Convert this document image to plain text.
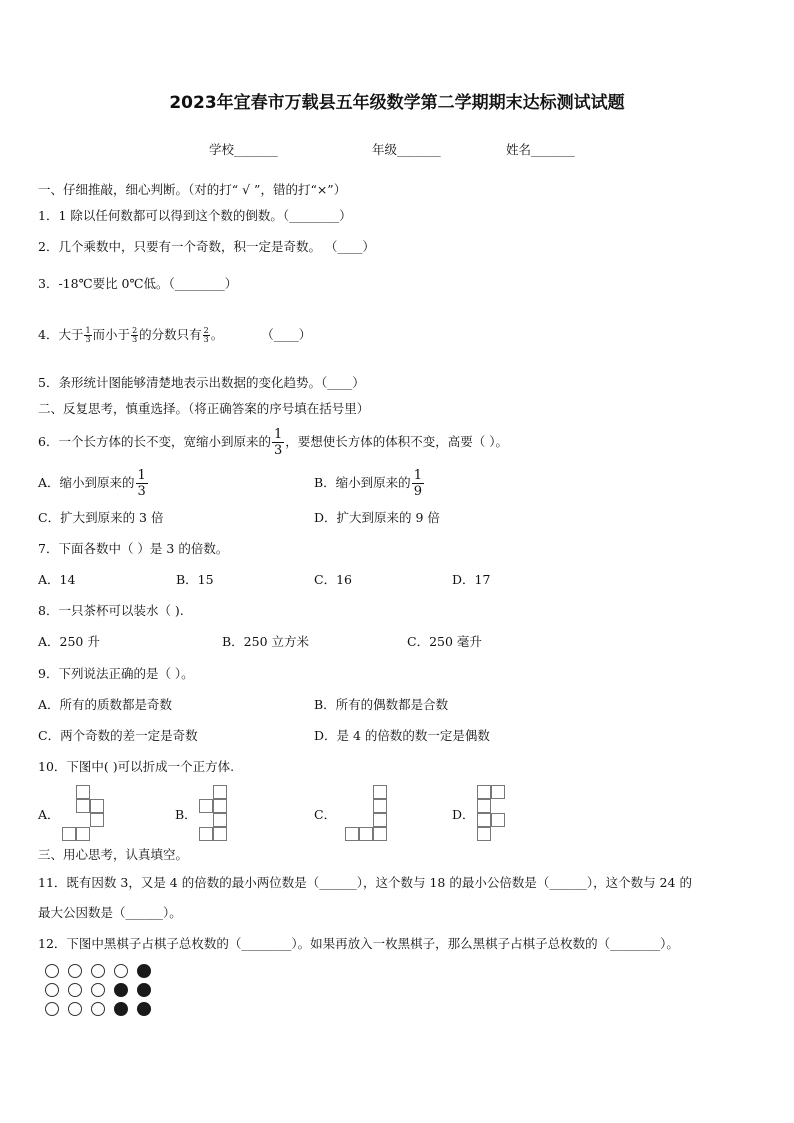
2023年宜春市万载县五年级数学第二学期期末达标测试试题
学校_______	年级_______	姓名_______
一、仔细推敲，细心判断。（对的打“ √ ”，错的打“×”）
1．1 除以任何数都可以得到这个数的倒数。（________）
2．几个乘数中，只要有一个奇数，积一定是奇数。 （____）
3．-18℃要比 0℃低。（________）
4．大于 $\frac{1}{3}$ 而小于 $\frac{2}{3}$ 的分数只有 $\frac{2}{3}$ 。	（____）
5．条形统计图能够清楚地表示出数据的变化趋势。（____）
二、反复思考，慎重选择。（将正确答案的序号填在括号里）
6．一个长方体的长不变，宽缩小到原来的 $\frac{1}{3}$ ，要想使长方体的体积不变，高要（ ）。
A．缩小到原来的 $\frac{1}{3}$	B．缩小到原来的 $\frac{1}{9}$
C．扩大到原来的 3 倍	D．扩大到原来的 9 倍
7．下面各数中（ ）是 3 的倍数。
A．14	B．15	C．16	D．17
8．一只茶杯可以装水（ ).
A．250 升	B．250 立方米	C．250 毫升
9．下列说法正确的是（ ）。
A．所有的质数都是奇数	B．所有的偶数都是合数
C．两个奇数的差一定是奇数	D．是 4 的倍数的数一定是偶数
10．下图中( )可以折成一个正方体.
A．	B．	C．	D．
三、用心思考，认真填空。
11．既有因数 3，又是 4 的倍数的最小两位数是（______），这个数与 18 的最小公倍数是（______），这个数与 24 的
最大公因数是（______）。
12．下图中黑棋子占棋子总枚数的（________）。如果再放入一枚黑棋子，那么黑棋子占棋子总枚数的（________）。
